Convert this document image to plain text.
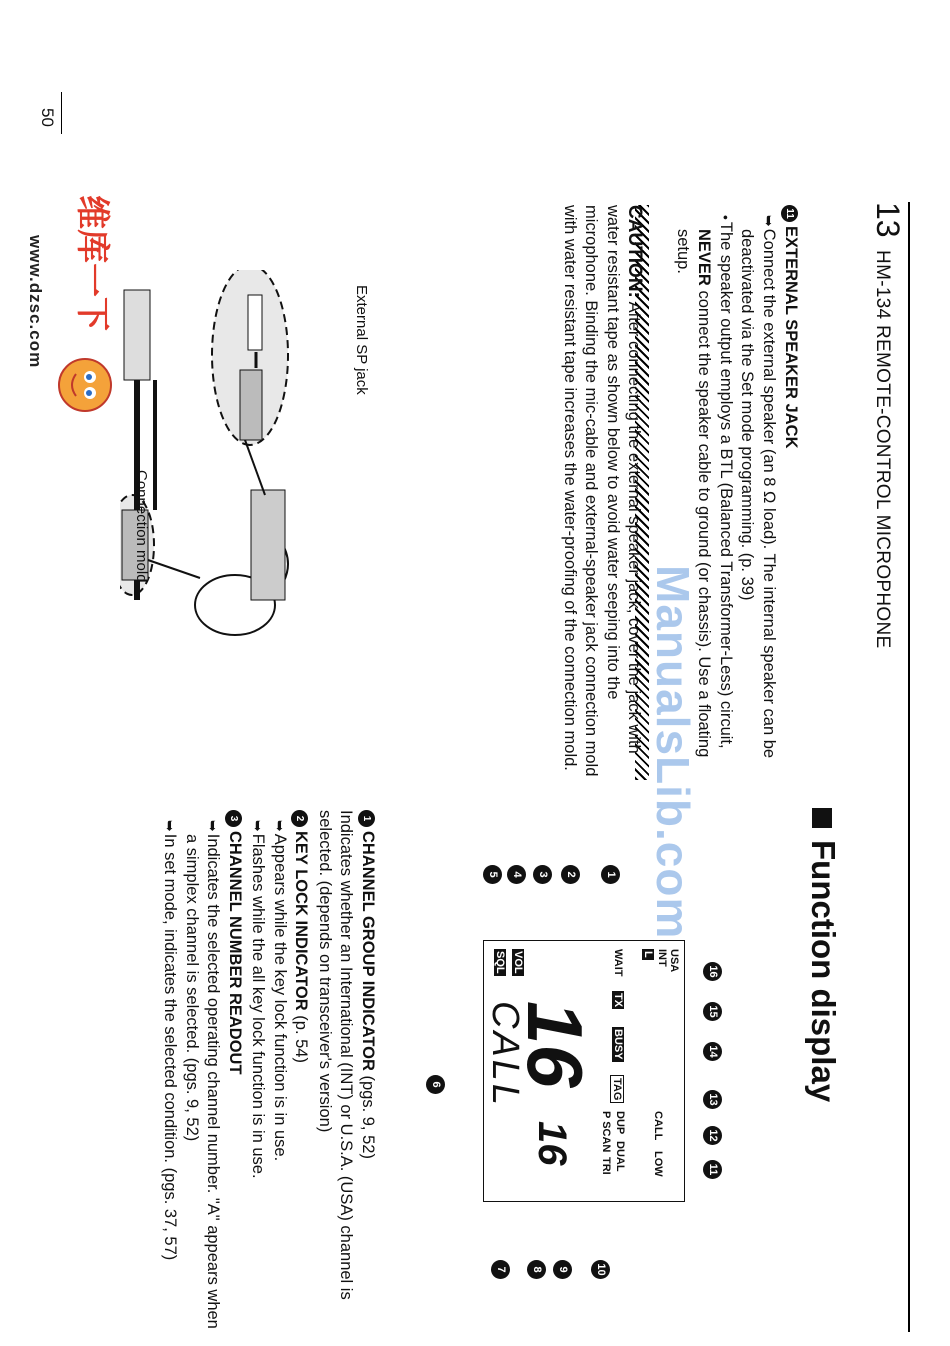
13 HM-134 REMOTE-CONTROL MICROPHONE
50
11EXTERNAL SPEAKER JACK

➥Connect the external speaker (an 8 Ω load). The internal speaker can be deactivated via the Set mode programming. (p. 39)

•The speaker output employs a BTL (Balanced Transformer-Less) circuit, NEVER connect the speaker cable to ground (or chassis). Use a floating setup.

CAUTION: After connecting the external speaker jack, cover the jack with water resistant tape as shown below to avoid water seeping into the microphone. Binding the mic-cable and external-speaker jack connection mold with water resistant tape increases the water-proofing of the connection mold.

External SP jack
Connection mold
Function display
USA
INT
L
WAIT
TX
BUSY
TAG
DUP
DUAL
P SCAN
TRI
CALL
LOW
VOL
SQL
16
16
CALL
1
2
3
4
5
6
7	8	9	10
11
12
13
14
15
16
1CHANNEL GROUP INDICATOR (pgs. 9, 52)

Indicates whether an International (INT) or U.S.A. (USA) channel is selected. (depends on transceiver's version)

2KEY LOCK INDICATOR (p. 54)

➥Appears while the key lock function is in use.

➥Flashes while the all key lock function is in use.

3CHANNEL NUMBER READOUT

➥Indicates the selected operating channel number. "A" appears when a simplex channel is selected. (pgs. 9, 52)

➥In set mode, indicates the selected condition. (pgs. 37, 57)

ManualsLib.com
维库一下
www.dzsc.com
